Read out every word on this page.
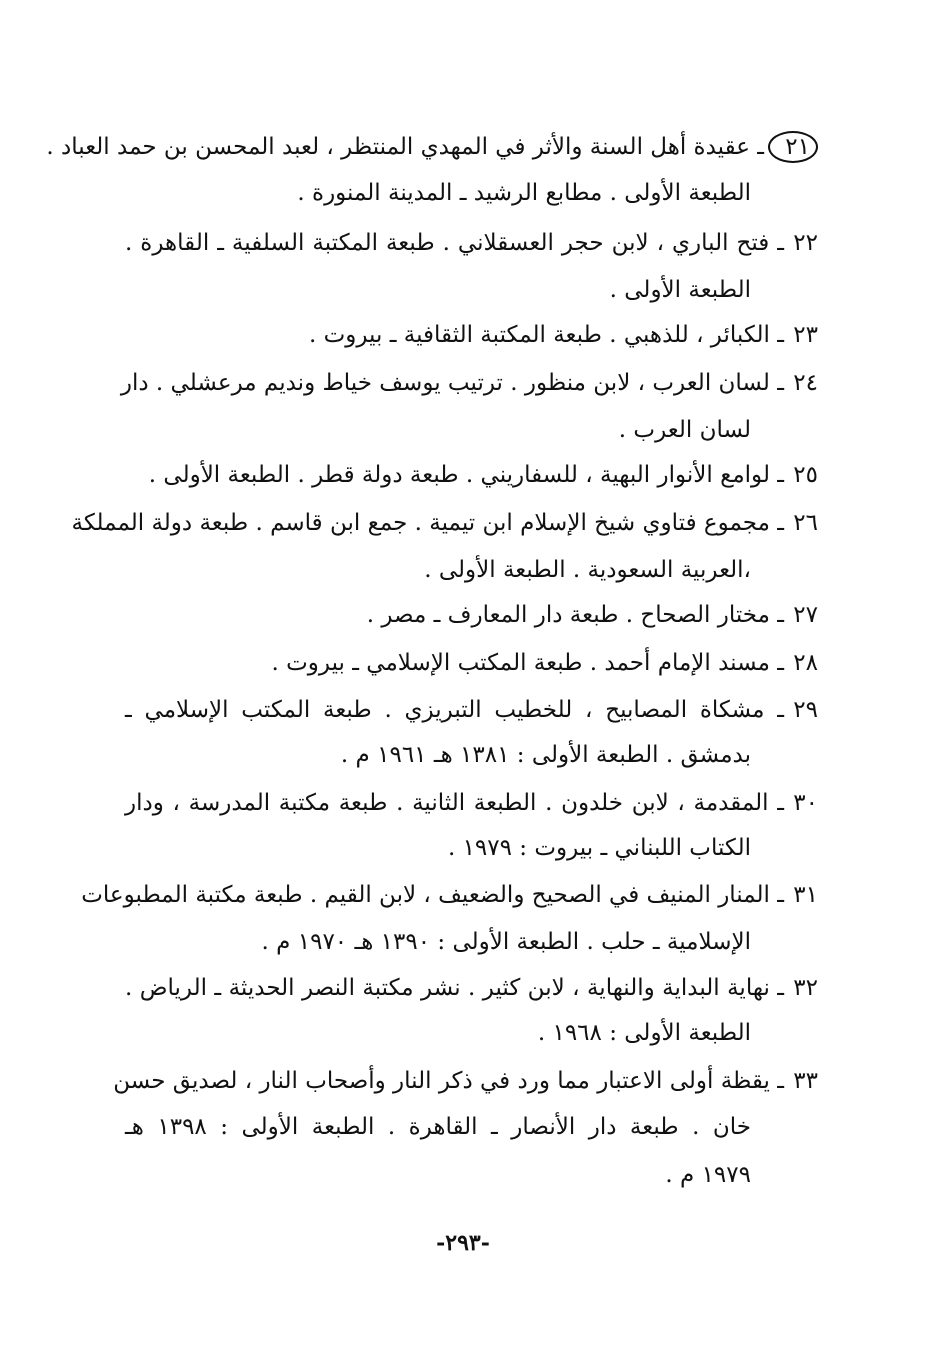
٢١ـ عقيدة أهل السنة والأثر في المهدي المنتظر ، لعبد المحسن بن حمد العباد .
الطبعة الأولى . مطابع الرشيد ـ المدينة المنورة .
٢٢ـ فتح الباري ، لابن حجر العسقلاني . طبعة المكتبة السلفية ـ القاهرة .
الطبعة الأولى .
٢٣ـ الكبائر ، للذهبي . طبعة المكتبة الثقافية ـ بيروت .
٢٤ـ لسان العرب ، لابن منظور . ترتيب يوسف خياط ونديم مرعشلي . دار
لسان العرب .
٢٥ـ لوامع الأنوار البهية ، للسفاريني . طبعة دولة قطر . الطبعة الأولى .
٢٦ـ مجموع فتاوي شيخ الإسلام ابن تيمية . جمع ابن قاسم . طبعة دولة المملكة
،العربية السعودية . الطبعة الأولى .
٢٧ـ مختار الصحاح . طبعة دار المعارف ـ مصر .
٢٨ـ مسند الإمام أحمد . طبعة المكتب الإسلامي ـ بيروت .
٢٩ـ مشكاة المصابيح ، للخطيب التبريزي . طبعة المكتب الإسلامي ـ
بدمشق . الطبعة الأولى : ١٣٨١ هـ ١٩٦١ م .
٣٠ـ المقدمة ، لابن خلدون . الطبعة الثانية . طبعة مكتبة المدرسة ، ودار
الكتاب اللبناني ـ بيروت : ١٩٧٩ .
٣١ـ المنار المنيف في الصحيح والضعيف ، لابن القيم . طبعة مكتبة المطبوعات
الإسلامية ـ حلب . الطبعة الأولى : ١٣٩٠ هـ ١٩٧٠ م .
٣٢ـ نهاية البداية والنهاية ، لابن كثير . نشر مكتبة النصر الحديثة ـ الرياض .
الطبعة الأولى : ١٩٦٨ .
٣٣ـ يقظة أولى الاعتبار مما ورد في ذكر النار وأصحاب النار ، لصديق حسن
خان . طبعة دار الأنصار ـ القاهرة . الطبعة الأولى : ١٣٩٨ هـ
١٩٧٩ م .
-٢٩٣-
